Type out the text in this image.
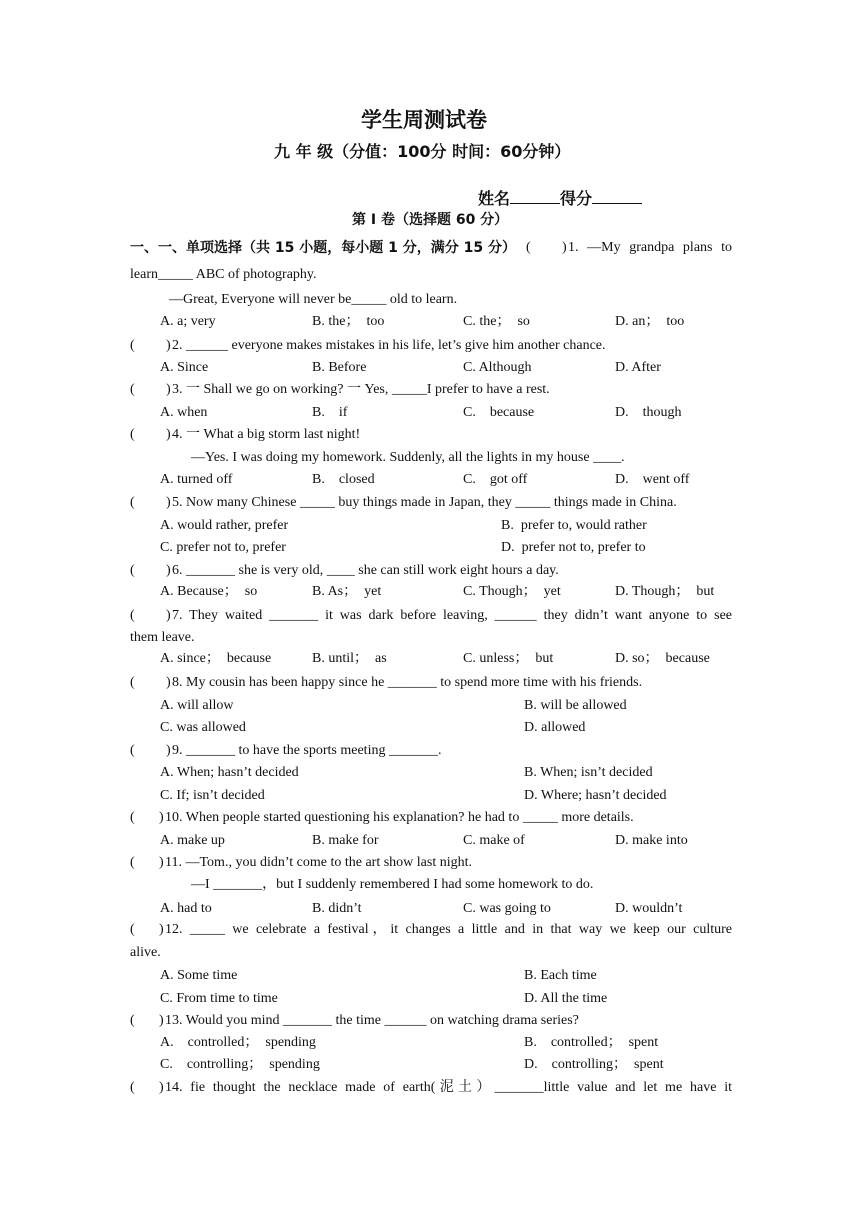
学生周测试卷
九 年 级（分值：100分 时间：60分钟）

姓名	得分

第 I 卷（选择题 60 分）
一、一、单项选择（共 15 小题，每小题 1 分，满分 15 分） ( ) 1. —My grandpa plans to
learn_____ ABC of photography.
—Great, Everyone will never be_____ old to learn.
A. a; very	B. the；  too	C. the；  so	D. an；  too
( ) 2. ______ everyone makes mistakes in his life, let’s give him another chance.
A. Since	B. Before	C. Although	D. After
( ) 3. 一 Shall we go on working? 一 Yes, _____I prefer to have a rest.
A. when	B.    if	C.    because	D.    though
( ) 4. 一 What a big storm last night!
—Yes. I was doing my homework. Suddenly, all the lights in my house ____.
A. turned off	B.    closed	C.    got off	D.    went off
( ) 5. Now many Chinese _____ buy things made in Japan, they _____ things made in China.
A. would rather, prefer	B.  prefer to, would rather
C. prefer not to, prefer	D.  prefer not to, prefer to
( ) 6. _______ she is very old, ____ she can still work eight hours a day.
A. Because；  so	B. As；  yet	C. Though；  yet	D. Though；  but
( ) 7. They waited _______ it was dark before leaving, ______ they didn’t want anyone to see
them leave.
A. since；  because	B. until；  as	C. unless；  but	D. so；  because
( ) 8. My cousin has been happy since he _______ to spend more time with his friends.
A. will allow	B. will be allowed
C. was allowed	D. allowed
( ) 9. _______ to have the sports meeting _______.
A. When; hasn’t decided	B. When; isn’t decided
C. If; isn’t decided	D. Where; hasn’t decided
( ) 10. When people started questioning his explanation? he had to _____ more details.
A. make up	B. make for	C. make of	D. make into
( ) 11. —Tom., you didn’t come to the art show last night.
—I _______，but I suddenly remembered I had some homework to do.
A. had to	B. didn’t	C. was going to	D. wouldn’t
( ) 12. _____ we celebrate a festival，it changes a little and in that way we keep our culture
alive.
A. Some time	B. Each time
C. From time to time	D. All the time
( ) 13. Would you mind _______ the time ______ on watching drama series?
A.    controlled；  spending	B.    controlled；  spent
C.    controlling；  spending	D.    controlling；  spent
( ) 14. fie thought the necklace made of earth(泥土）_______little value and let me have it
